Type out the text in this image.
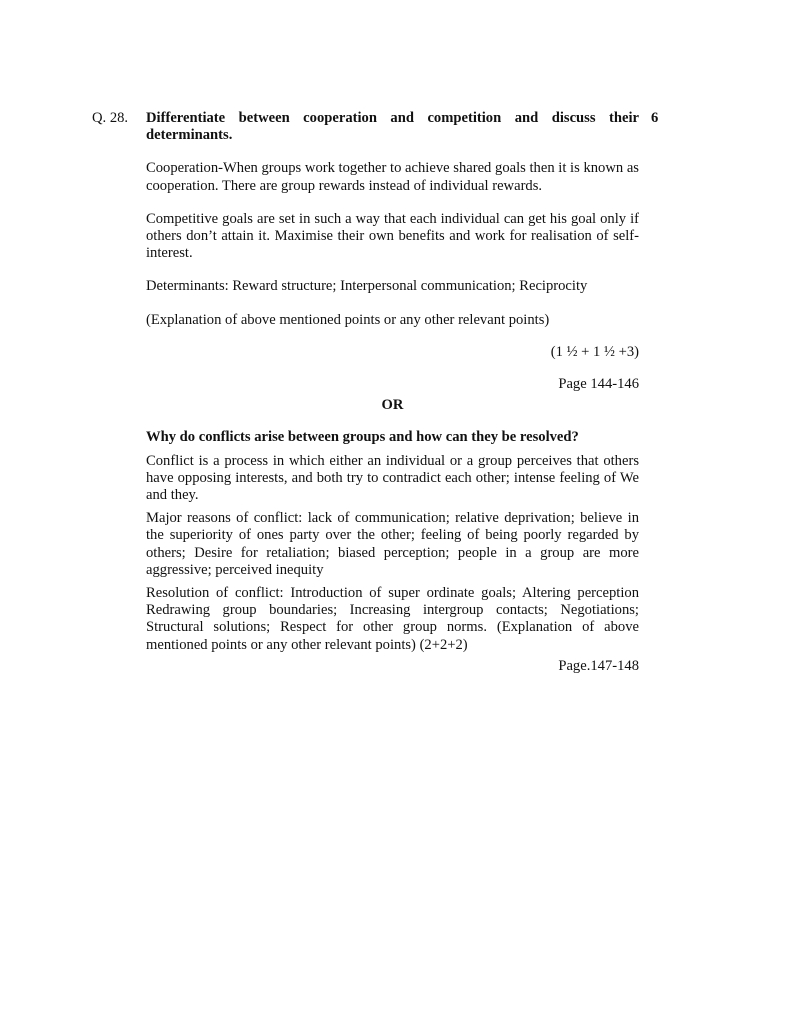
Q. 28.	6

Differentiate between cooperation and competition and discuss their determinants.

Cooperation-When groups work together to achieve shared goals then it is known as cooperation. There are group rewards instead of individual rewards.

Competitive goals are set in such a way that each individual can get his goal only if others don’t attain it. Maximise their own benefits and work for realisation of self-interest.

Determinants: Reward structure; Interpersonal communication; Reciprocity

(Explanation of above mentioned points or any other relevant points)

(1 ½ + 1 ½ +3)

Page 144-146

OR

Why do conflicts arise between groups and how can they be resolved?

Conflict is a process in which either an individual or a group perceives that others have opposing interests, and both try to contradict each other; intense feeling of We and they.

Major reasons of conflict: lack of communication; relative deprivation; believe in the superiority of ones party over the other; feeling of being poorly regarded by others; Desire for retaliation; biased perception; people in a group are more aggressive; perceived inequity

Resolution of conflict: Introduction of super ordinate goals; Altering perception Redrawing group boundaries; Increasing intergroup contacts; Negotiations; Structural solutions; Respect for other group norms. (Explanation of above mentioned points or any other relevant points) (2+2+2)

Page.147-148
